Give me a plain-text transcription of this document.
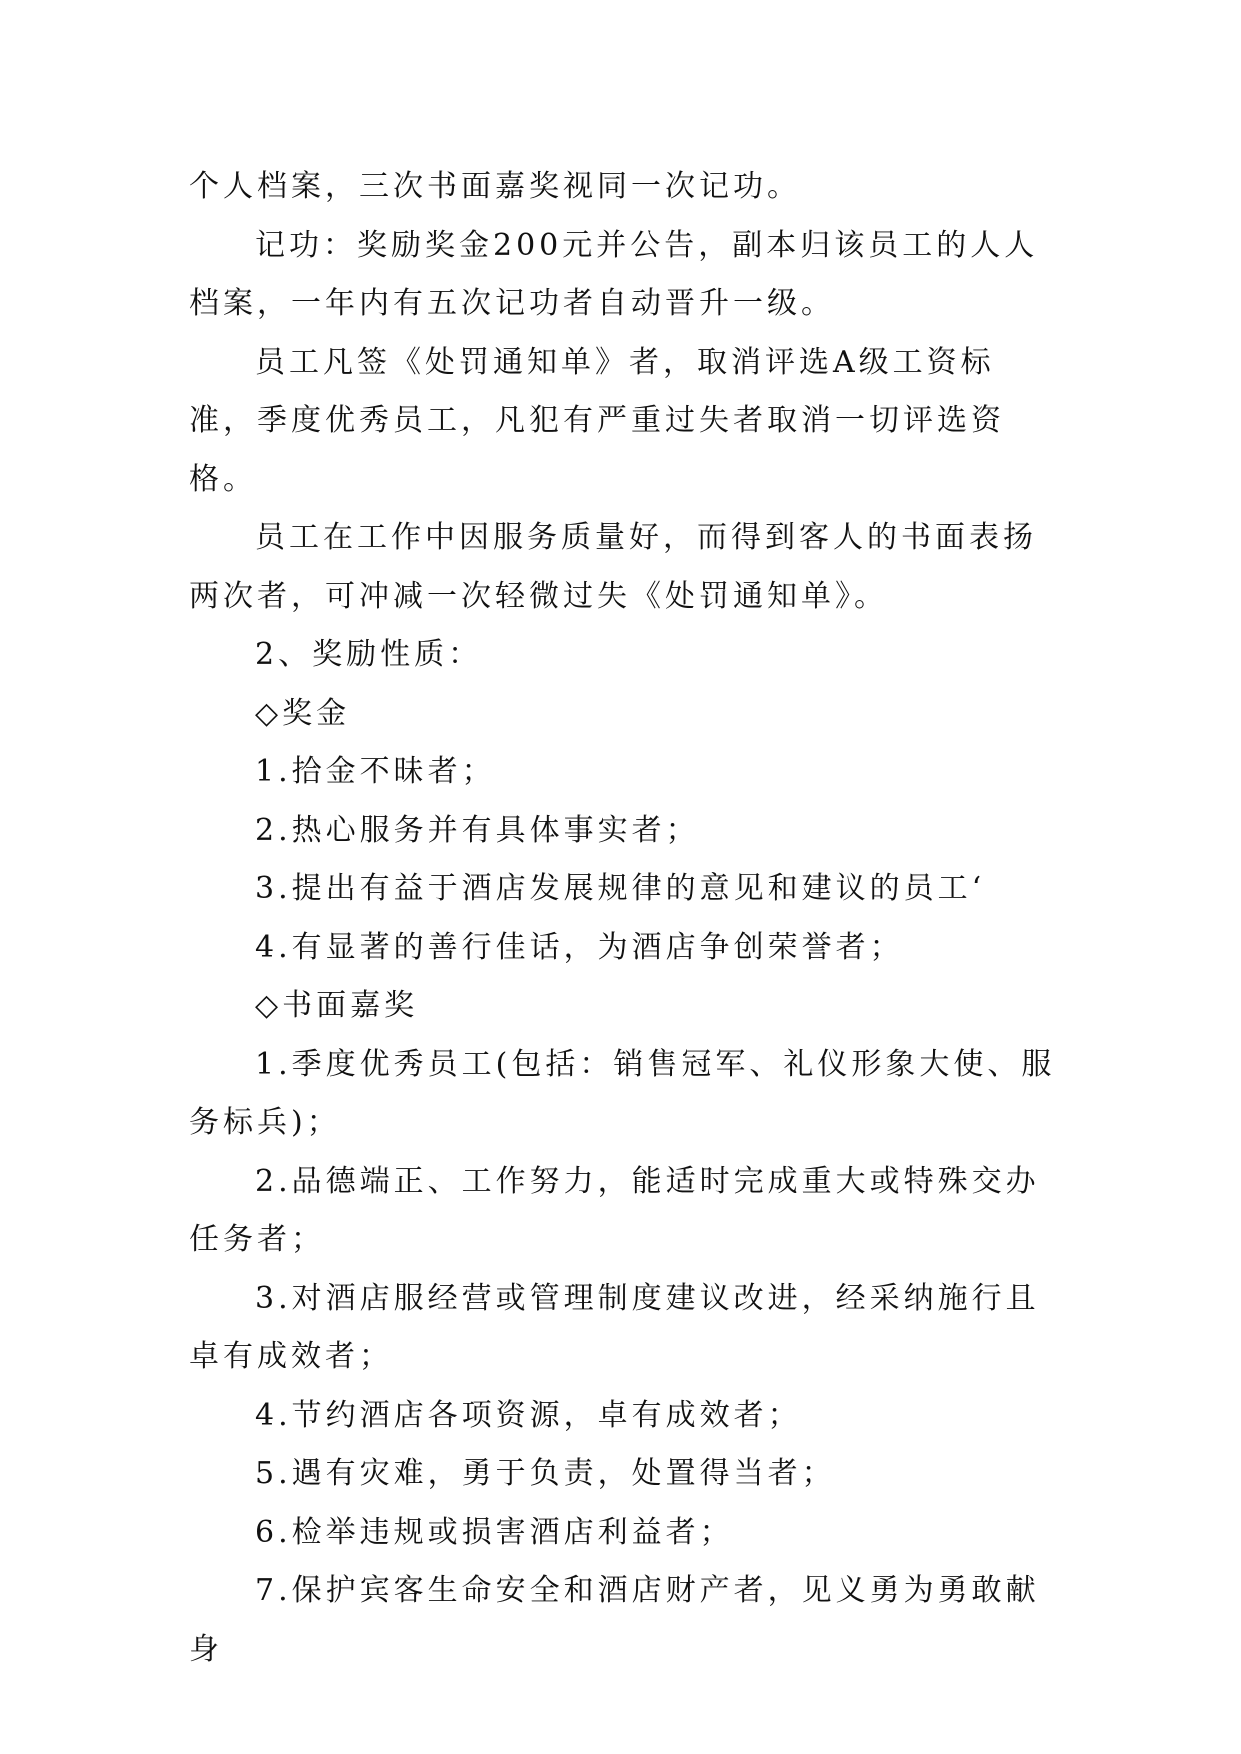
个人档案，三次书面嘉奖视同一次记功。

记功：奖励奖金200元并公告，副本归该员工的人人档案，一年内有五次记功者自动晋升一级。

员工凡签《处罚通知单》者，取消评选A级工资标准，季度优秀员工，凡犯有严重过失者取消一切评选资格。

员工在工作中因服务质量好，而得到客人的书面表扬两次者，可冲减一次轻微过失《处罚通知单》。

2、奖励性质：

◇奖金

1.拾金不昧者；

2.热心服务并有具体事实者；

3.提出有益于酒店发展规律的意见和建议的员工‘

4.有显著的善行佳话，为酒店争创荣誉者；

◇书面嘉奖

1.季度优秀员工(包括：销售冠军、礼仪形象大使、服务标兵)；

2.品德端正、工作努力，能适时完成重大或特殊交办任务者；

3.对酒店服经营或管理制度建议改进，经采纳施行且卓有成效者；

4.节约酒店各项资源，卓有成效者；

5.遇有灾难，勇于负责，处置得当者；

6.检举违规或损害酒店利益者；

7.保护宾客生命安全和酒店财产者，见义勇为勇敢献身
